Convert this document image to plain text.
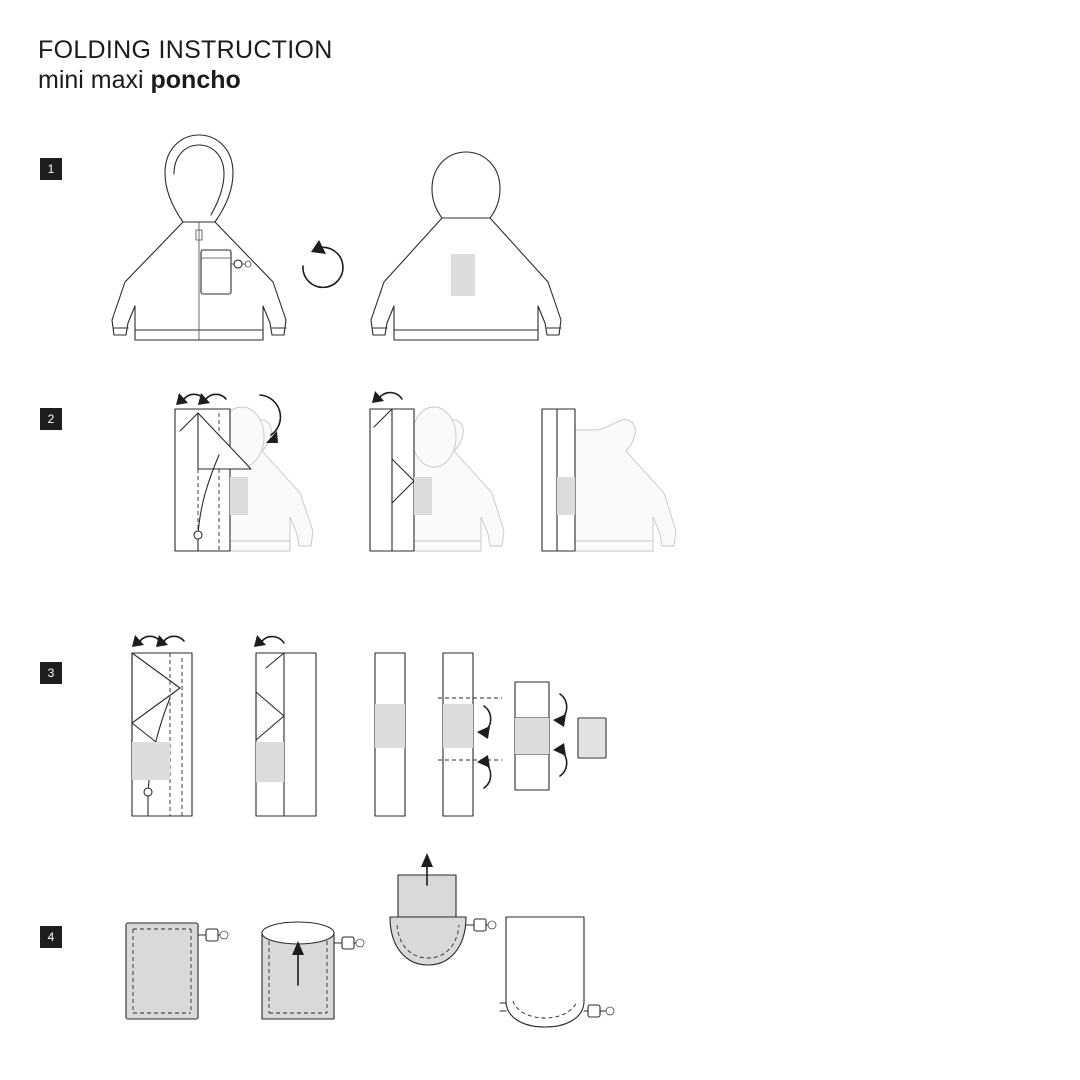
FOLDING INSTRUCTION
mini maxi poncho
1
2
3
4
